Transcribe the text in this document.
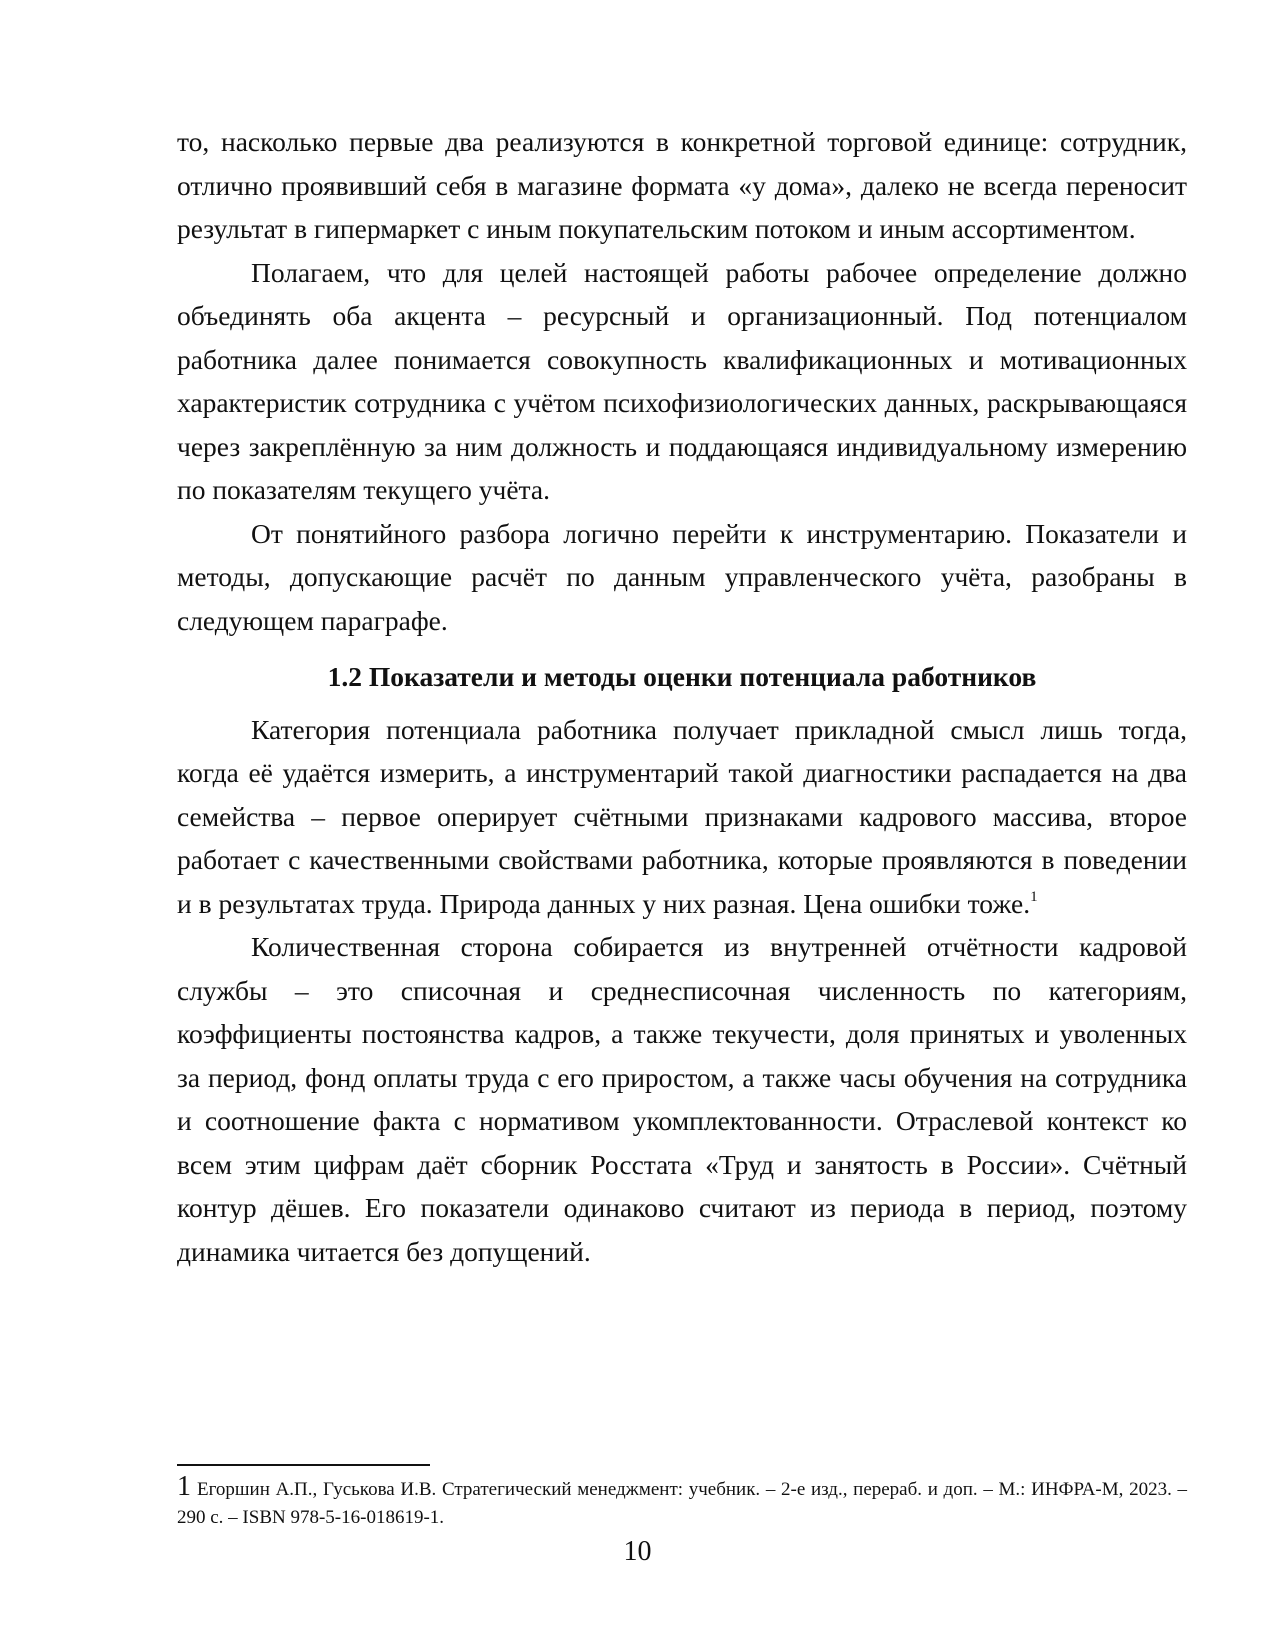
то, насколько первые два реализуются в конкретной торговой единице: сотрудник, отлично проявивший себя в магазине формата «у дома», далеко не всегда переносит результат в гипермаркет с иным покупательским потоком и иным ассортиментом.

Полагаем, что для целей настоящей работы рабочее определение должно объединять оба акцента – ресурсный и организационный. Под потенциалом работника далее понимается совокупность квалификационных и мотивационных характеристик сотрудника с учётом психофизиологических данных, раскрывающаяся через закреплённую за ним должность и поддающаяся индивидуальному измерению по показателям текущего учёта.

От понятийного разбора логично перейти к инструментарию. Показатели и методы, допускающие расчёт по данным управленческого учёта, разобраны в следующем параграфе.

1.2 Показатели и методы оценки потенциала работников

Категория потенциала работника получает прикладной смысл лишь тогда, когда её удаётся измерить, а инструментарий такой диагностики распадается на два семейства – первое оперирует счётными признаками кадрового массива, второе работает с качественными свойствами работника, которые проявляются в поведении и в результатах труда. Природа данных у них разная. Цена ошибки тоже.$^1$

Количественная сторона собирается из внутренней отчётности кадровой службы – это списочная и среднесписочная численность по категориям, коэффициенты постоянства кадров, а также текучести, доля принятых и уволенных за период, фонд оплаты труда с его приростом, а также часы обучения на сотрудника и соотношение факта с нормативом укомплектованности. Отраслевой контекст ко всем этим цифрам даёт сборник Росстата «Труд и занятость в России». Счётный контур дёшев. Его показатели одинаково считают из периода в период, поэтому динамика читается без допущений.

1 Егоршин А.П., Гуськова И.В. Стратегический менеджмент: учебник. – 2-е изд., перераб. и доп. – М.: ИНФРА-М, 2023. – 290 с. – ISBN 978-5-16-018619-1.

10
